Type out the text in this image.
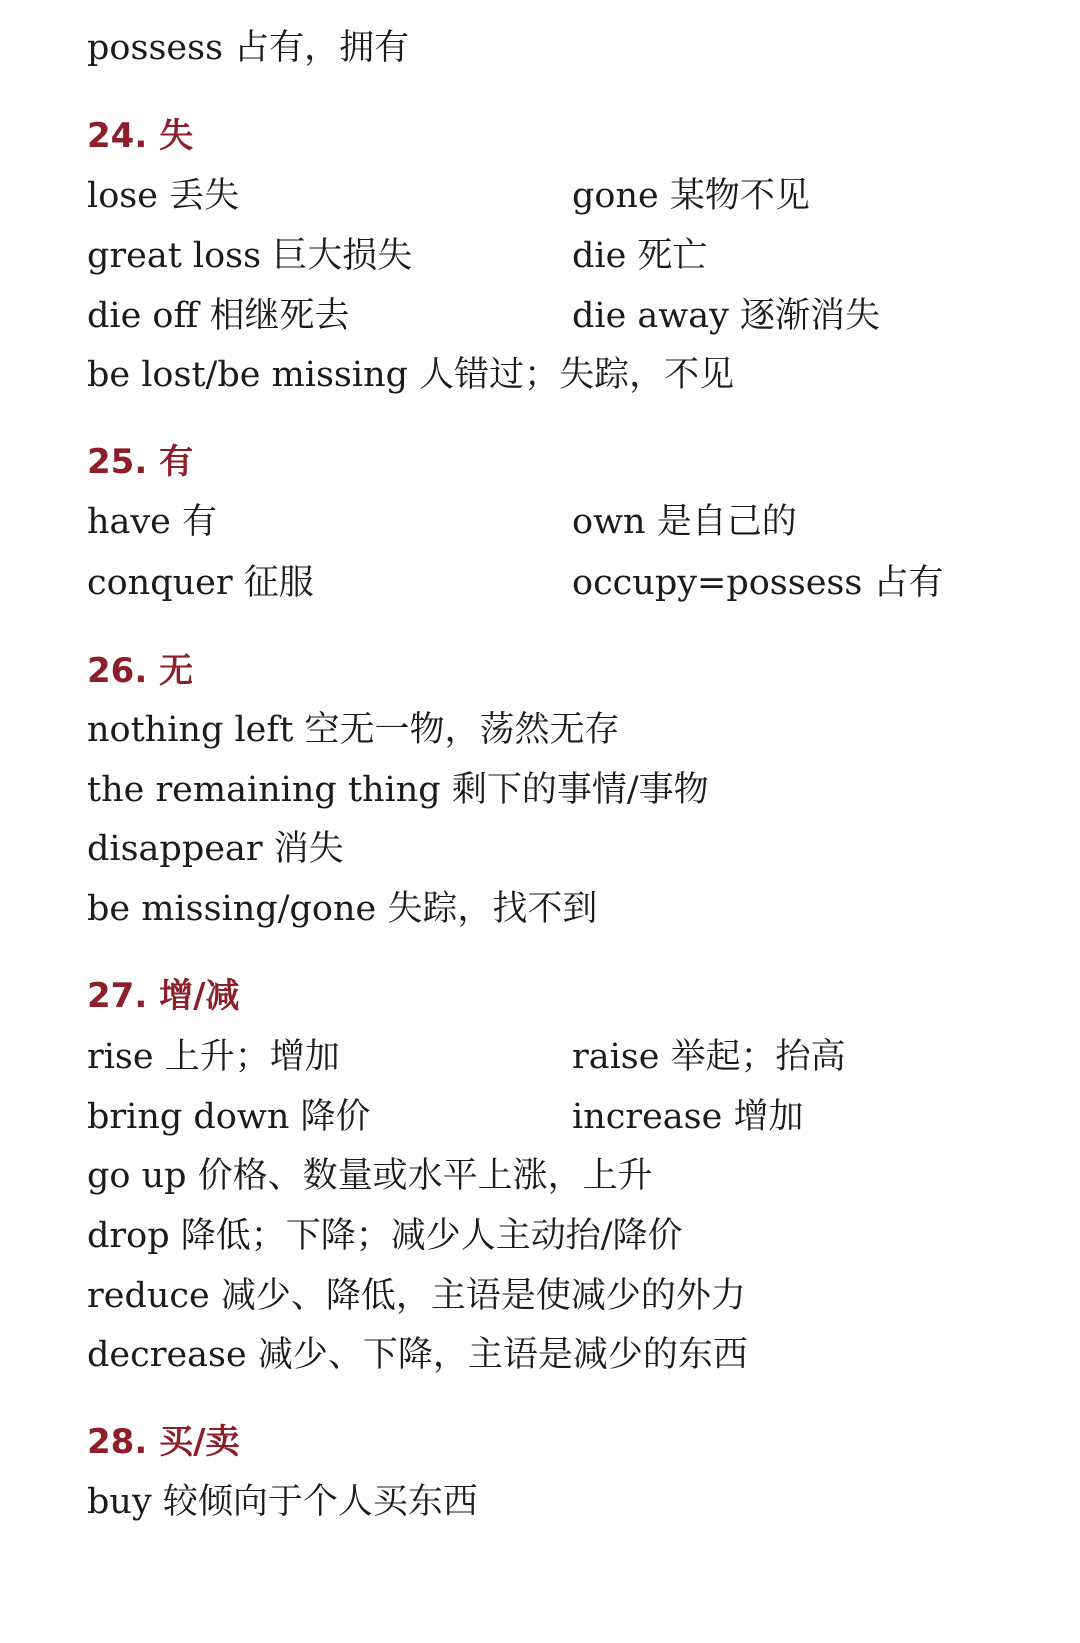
possess 占有，拥有
24. 失
lose 丢失	gone 某物不见
great loss 巨大损失	die 死亡
die off 相继死去	die away 逐渐消失
be lost/be missing 人错过；失踪，不见
25. 有
have 有	own 是自己的
conquer 征服	occupy=possess 占有
26. 无
nothing left 空无一物，荡然无存
the remaining thing 剩下的事情/事物
disappear 消失
be missing/gone 失踪，找不到
27. 增/减
rise 上升；增加	raise 举起；抬高
bring down 降价	increase 增加
go up 价格、数量或水平上涨，上升
drop 降低；下降；减少人主动抬/降价
reduce 减少、降低，主语是使减少的外力
decrease 减少、下降，主语是减少的东西
28. 买/卖
buy 较倾向于个人买东西
